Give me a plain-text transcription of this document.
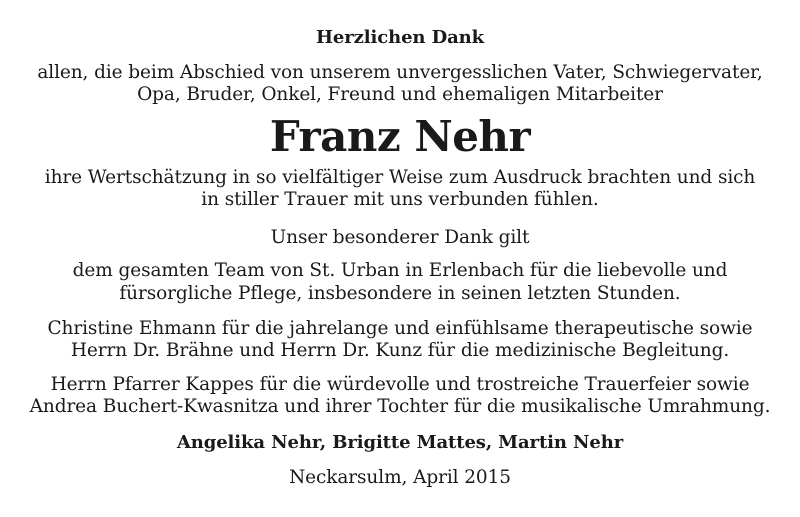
Herzlichen Dank
allen, die beim Abschied von unserem unvergesslichen Vater, Schwiegervater,
Opa, Bruder, Onkel, Freund und ehemaligen Mitarbeiter
Franz Nehr
ihre Wertschätzung in so vielfältiger Weise zum Ausdruck brachten und sich
in stiller Trauer mit uns verbunden fühlen.
Unser besonderer Dank gilt
dem gesamten Team von St. Urban in Erlenbach für die liebevolle und
fürsorgliche Pflege, insbesondere in seinen letzten Stunden.
Christine Ehmann für die jahrelange und einfühlsame therapeutische sowie
Herrn Dr. Brähne und Herrn Dr. Kunz für die medizinische Begleitung.
Herrn Pfarrer Kappes für die würdevolle und trostreiche Trauerfeier sowie
Andrea Buchert-Kwasnitza und ihrer Tochter für die musikalische Umrahmung.
Angelika Nehr, Brigitte Mattes, Martin Nehr
Neckarsulm, April 2015
